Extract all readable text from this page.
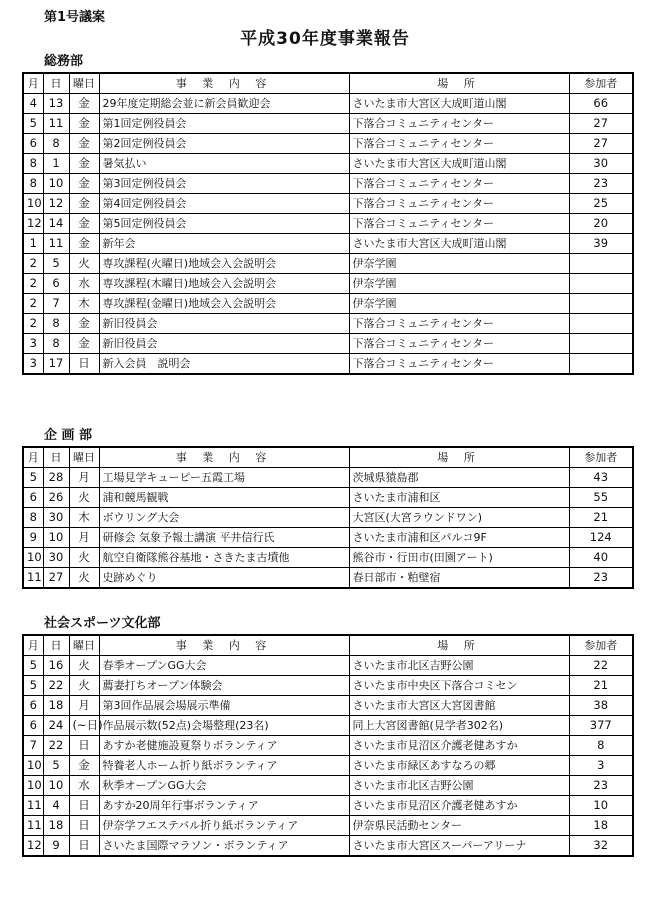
第1号議案
平成30年度事業報告
総務部
月	日	曜日	事 業 内 容	場 所	参加者
4	13	金	29年度定期総会並に新会員歓迎会	さいたま市大宮区大成町道山閣	66
5	11	金	第1回定例役員会	下落合コミュニティセンター	27
6	8	金	第2回定例役員会	下落合コミュニティセンター	27
8	1	金	暑気払い	さいたま市大宮区大成町道山閣	30
8	10	金	第3回定例役員会	下落合コミュニティセンター	23
10	12	金	第4回定例役員会	下落合コミュニティセンター	25
12	14	金	第5回定例役員会	下落合コミュニティセンター	20
1	11	金	新年会	さいたま市大宮区大成町道山閣	39
2	5	火	専攻課程(火曜日)地域会入会説明会	伊奈学園	
2	6	水	専攻課程(木曜日)地域会入会説明会	伊奈学園	
2	7	木	専攻課程(金曜日)地域会入会説明会	伊奈学園	
2	8	金	新旧役員会	下落合コミュニティセンター	
3	8	金	新旧役員会	下落合コミュニティセンター	
3	17	日	新入会員　説明会	下落合コミュニティセンター	
企 画 部
月	日	曜日	事 業 内 容	場 所	参加者
5	28	月	工場見学キューピー五霞工場	茨城県猿島郡	43
6	26	火	浦和競馬観戦	さいたま市浦和区	55
8	30	木	ボウリング大会	大宮区(大宮ラウンドワン)	21
9	10	月	研修会 気象予報士講演 平井信行氏	さいたま市浦和区パルコ9F	124
10	30	火	航空自衛隊熊谷基地・さきたま古墳他	熊谷市・行田市(田園アート)	40
11	27	火	史跡めぐり	春日部市・粕壁宿	23
社会スポーツ文化部
月	日	曜日	事 業 内 容	場 所	参加者
5	16	火	春季オープンGG大会	さいたま市北区吉野公園	22
5	22	火	薦妻打ちオープン体験会	さいたま市中央区下落合コミセン	21
6	18	月	第3回作品展会場展示準備	さいたま市大宮区大宮図書館	38
6	24	(~日)	作品展示数(52点)会場整理(23名)	同上大宮図書館(見学者302名)	377
7	22	日	あすか老健施設夏祭りボランティア	さいたま市見沼区介護老健あすか	8
10	5	金	特養老人ホーム折り紙ボランティア	さいたま市緑区あすなろの郷	3
10	10	水	秋季オープンGG大会	さいたま市北区吉野公園	23
11	4	日	あすか20周年行事ボランティア	さいたま市見沼区介護老健あすか	10
11	18	日	伊奈学フエステバル折り紙ボランティア	伊奈県民活動センター	18
12	9	日	さいたま国際マラソン・ボランティア	さいたま市大宮区スーパーアリーナ	32
